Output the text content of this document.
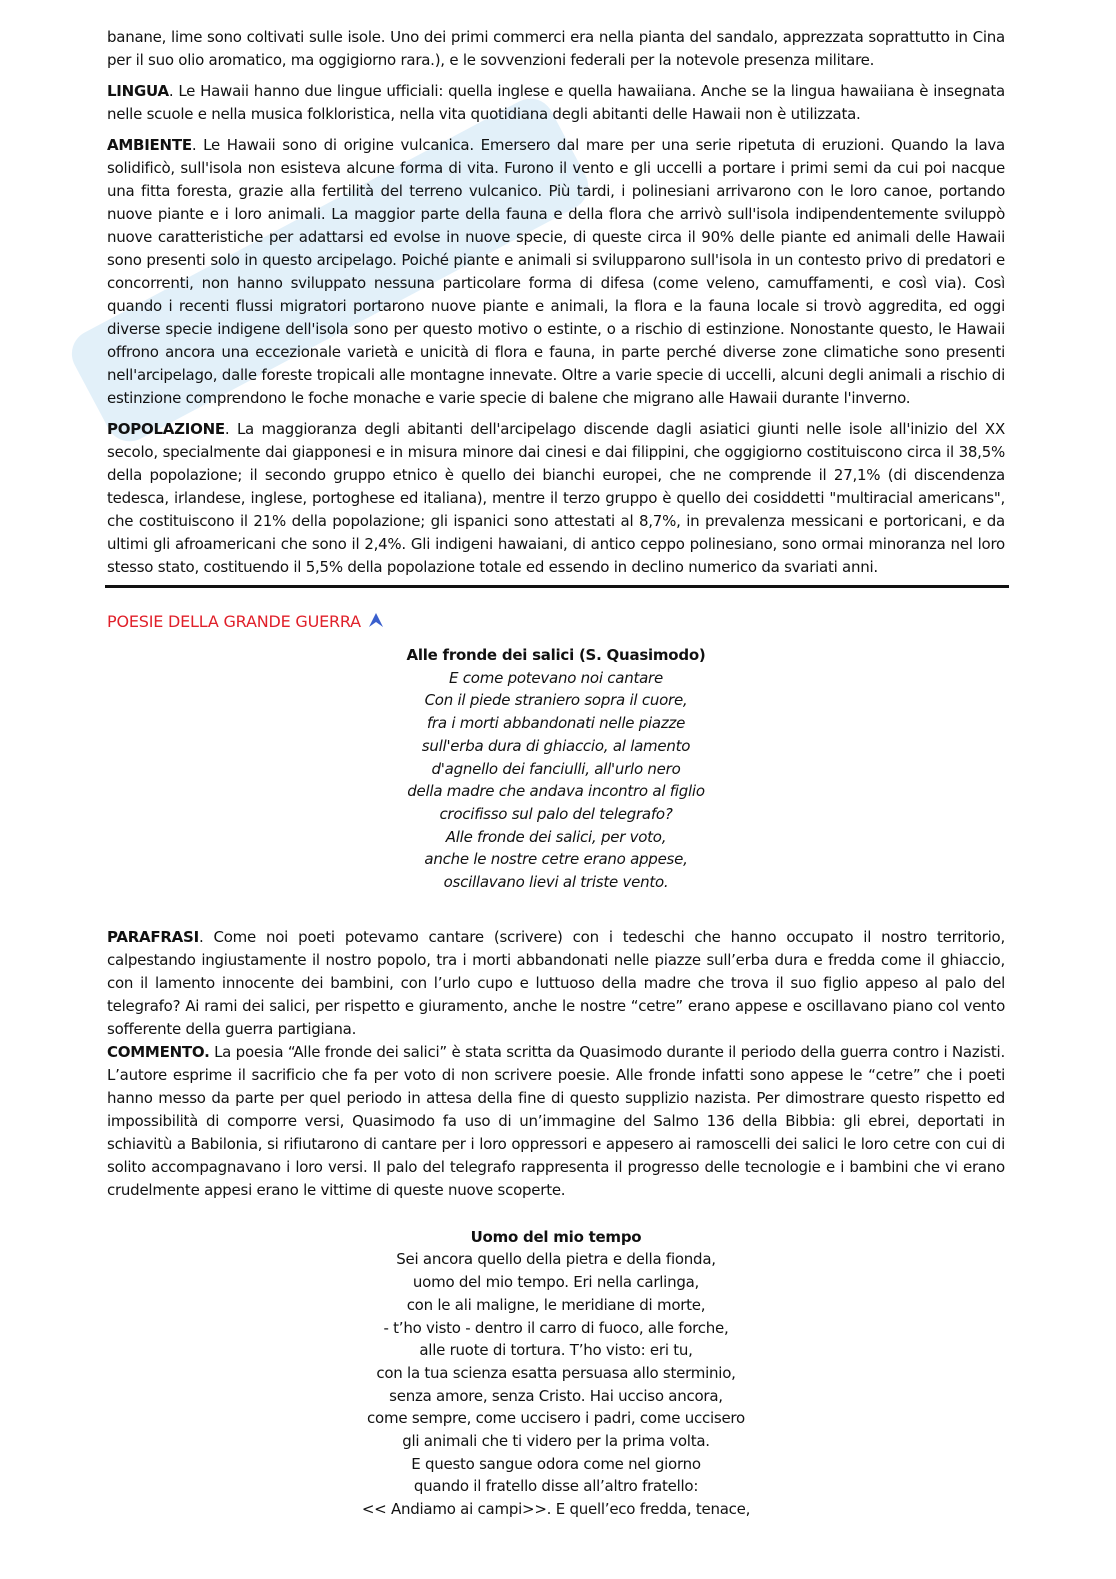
banane, lime sono coltivati sulle isole. Uno dei primi commerci era nella pianta del sandalo, apprezzata soprattutto in Cina per il suo olio aromatico, ma oggigiorno rara.), e le sovvenzioni federali per la notevole presenza militare.

LINGUA. Le Hawaii hanno due lingue ufficiali: quella inglese e quella hawaiiana. Anche se la lingua hawaiiana è insegnata nelle scuole e nella musica folkloristica, nella vita quotidiana degli abitanti delle Hawaii non è utilizzata.

AMBIENTE. Le Hawaii sono di origine vulcanica. Emersero dal mare per una serie ripetuta di eruzioni. Quando la lava solidificò, sull'isola non esisteva alcune forma di vita. Furono il vento e gli uccelli a portare i primi semi da cui poi nacque una fitta foresta, grazie alla fertilità del terreno vulcanico. Più tardi, i polinesiani arrivarono con le loro canoe, portando nuove piante e i loro animali. La maggior parte della fauna e della flora che arrivò sull'isola indipendentemente sviluppò nuove caratteristiche per adattarsi ed evolse in nuove specie, di queste circa il 90% delle piante ed animali delle Hawaii sono presenti solo in questo arcipelago. Poiché piante e animali si svilupparono sull'isola in un contesto privo di predatori e concorrenti, non hanno sviluppato nessuna particolare forma di difesa (come veleno, camuffamenti, e così via). Così quando i recenti flussi migratori portarono nuove piante e animali, la flora e la fauna locale si trovò aggredita, ed oggi diverse specie indigene dell'isola sono per questo motivo o estinte, o a rischio di estinzione. Nonostante questo, le Hawaii offrono ancora una eccezionale varietà e unicità di flora e fauna, in parte perché diverse zone climatiche sono presenti nell'arcipelago, dalle foreste tropicali alle montagne innevate. Oltre a varie specie di uccelli, alcuni degli animali a rischio di estinzione comprendono le foche monache e varie specie di balene che migrano alle Hawaii durante l'inverno.

POPOLAZIONE. La maggioranza degli abitanti dell'arcipelago discende dagli asiatici giunti nelle isole all'inizio del XX secolo, specialmente dai giapponesi e in misura minore dai cinesi e dai filippini, che oggigiorno costituiscono circa il 38,5% della popolazione; il secondo gruppo etnico è quello dei bianchi europei, che ne comprende il 27,1% (di discendenza tedesca, irlandese, inglese, portoghese ed italiana), mentre il terzo gruppo è quello dei cosiddetti "multiracial americans", che costituiscono il 21% della popolazione; gli ispanici sono attestati al 8,7%, in prevalenza messicani e portoricani, e da ultimi gli afroamericani che sono il 2,4%. Gli indigeni hawaiani, di antico ceppo polinesiano, sono ormai minoranza nel loro stesso stato, costituendo il 5,5% della popolazione totale ed essendo in declino numerico da svariati anni.

POESIE DELLA GRANDE GUERRA
Alle fronde dei salici (S. Quasimodo)
E come potevano noi cantare
Con il piede straniero sopra il cuore,
fra i morti abbandonati nelle piazze
sull'erba dura di ghiaccio, al lamento
d'agnello dei fanciulli, all'urlo nero
della madre che andava incontro al figlio
crocifisso sul palo del telegrafo?
Alle fronde dei salici, per voto,
anche le nostre cetre erano appese,
oscillavano lievi al triste vento.

PARAFRASI. Come noi poeti potevamo cantare (scrivere) con i tedeschi che hanno occupato il nostro territorio, calpestando ingiustamente il nostro popolo, tra i morti abbandonati nelle piazze sull’erba dura e fredda come il ghiaccio, con il lamento innocente dei bambini, con l’urlo cupo e luttuoso della madre che trova il suo figlio appeso al palo del telegrafo? Ai rami dei salici, per rispetto e giuramento, anche le nostre “cetre” erano appese e oscillavano piano col vento sofferente della guerra partigiana.

COMMENTO. La poesia “Alle fronde dei salici” è stata scritta da Quasimodo durante il periodo della guerra contro i Nazisti. L’autore esprime il sacrificio che fa per voto di non scrivere poesie. Alle fronde infatti sono appese le “cetre” che i poeti hanno messo da parte per quel periodo in attesa della fine di questo supplizio nazista. Per dimostrare questo rispetto ed impossibilità di comporre versi, Quasimodo fa uso di un’immagine del Salmo 136 della Bibbia: gli ebrei, deportati in schiavitù a Babilonia, si rifiutarono di cantare per i loro oppressori e appesero ai ramoscelli dei salici le loro cetre con cui di solito accompagnavano i loro versi. Il palo del telegrafo rappresenta il progresso delle tecnologie e i bambini che vi erano crudelmente appesi erano le vittime di queste nuove scoperte.

Uomo del mio tempo
Sei ancora quello della pietra e della fionda,
uomo del mio tempo. Eri nella carlinga,
con le ali maligne, le meridiane di morte,
- t’ho visto - dentro il carro di fuoco, alle forche,
alle ruote di tortura. T’ho visto: eri tu,
con la tua scienza esatta persuasa allo sterminio,
senza amore, senza Cristo. Hai ucciso ancora,
come sempre, come uccisero i padri, come uccisero
gli animali che ti videro per la prima volta.
E questo sangue odora come nel giorno
quando il fratello disse all’altro fratello:
<< Andiamo ai campi>>. E quell’eco fredda, tenace,
